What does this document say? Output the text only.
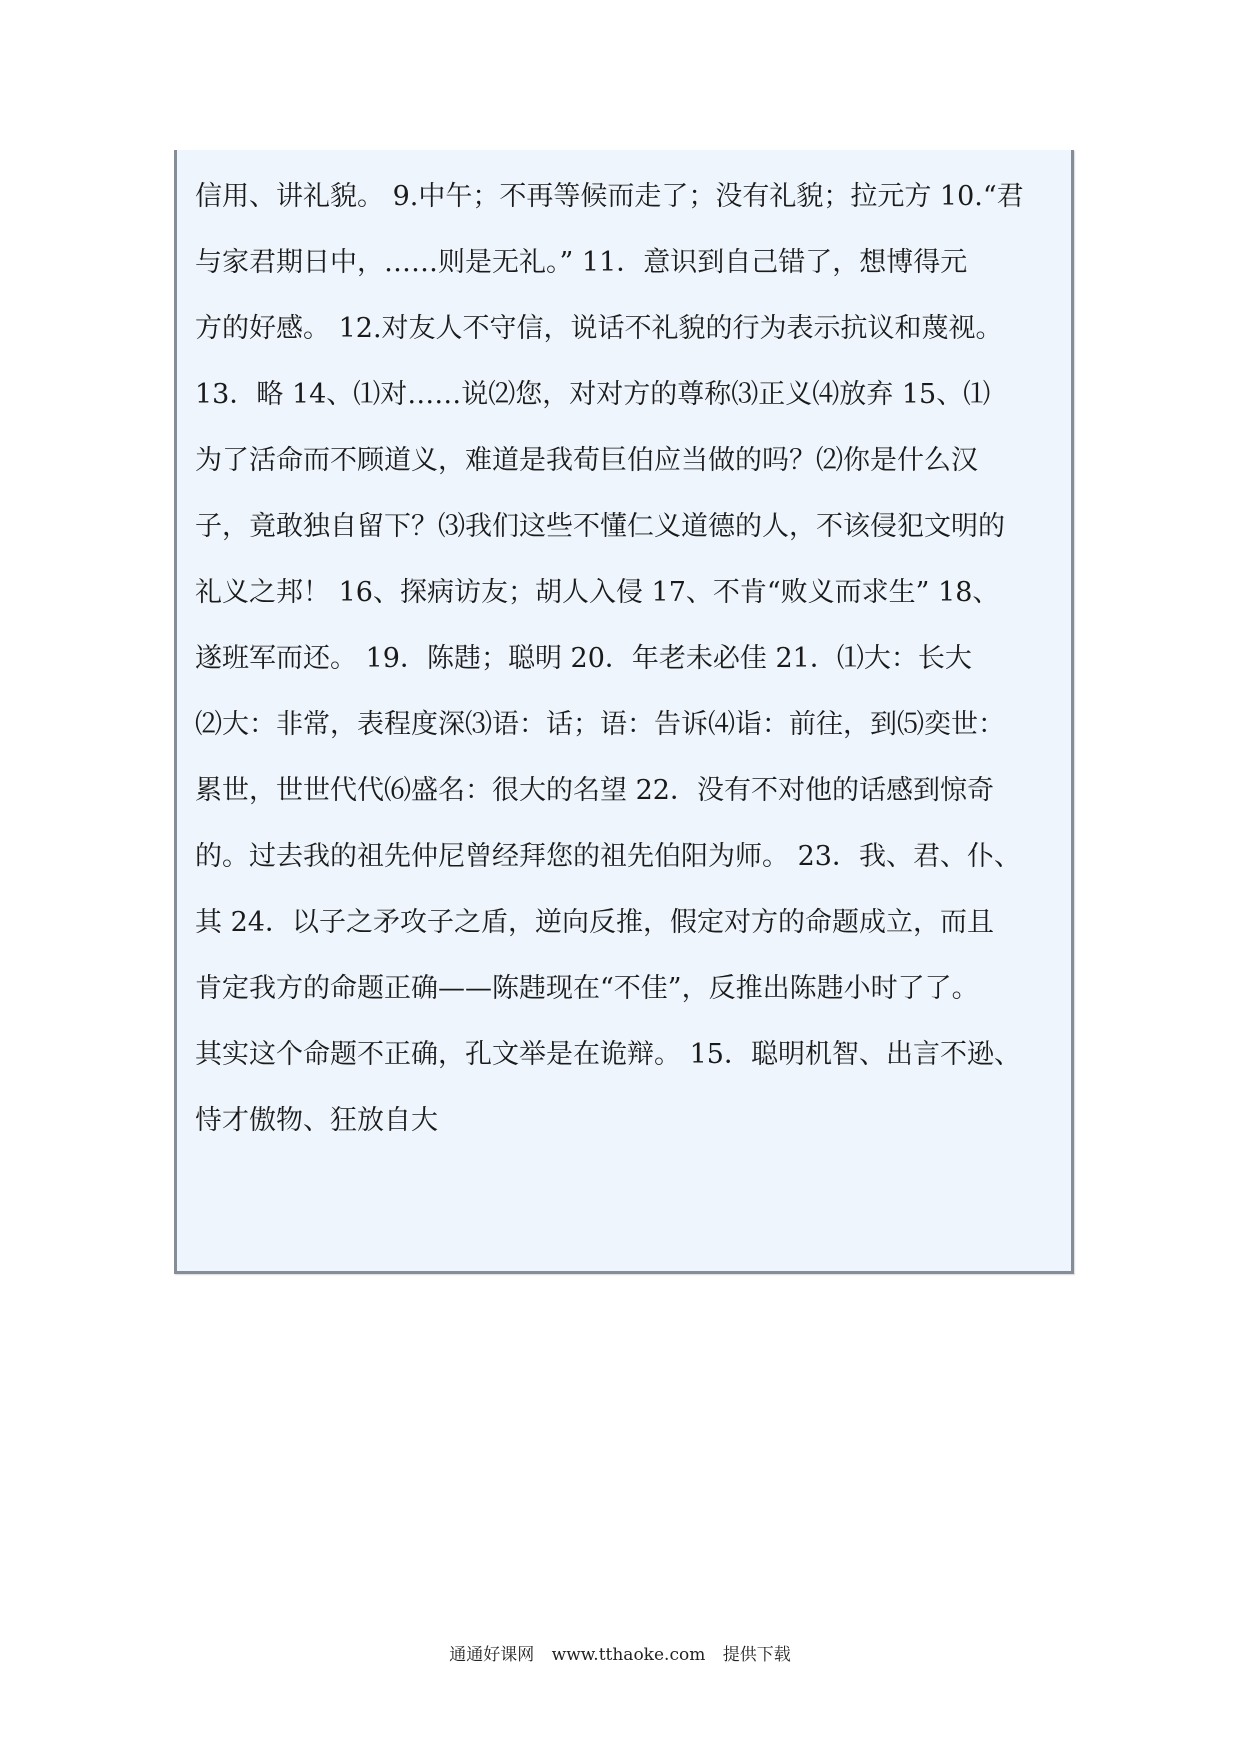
信用、讲礼貌。 9.中午；不再等候而走了；没有礼貌；拉元方 10.“君
与家君期日中，……则是无礼。” 11．意识到自己错了，想博得元
方的好感。 12.对友人不守信，说话不礼貌的行为表示抗议和蔑视。
13．略 14、⑴对……说⑵您，对对方的尊称⑶正义⑷放弃 15、⑴
为了活命而不顾道义，难道是我荀巨伯应当做的吗？⑵你是什么汉
子，竟敢独自留下？⑶我们这些不懂仁义道德的人，不该侵犯文明的
礼义之邦！ 16、探病访友；胡人入侵 17、不肯“败义而求生” 18、
遂班军而还。 19．陈韪；聪明 20．年老未必佳 21．⑴大：长大
⑵大：非常，表程度深⑶语：话；语：告诉⑷诣：前往，到⑸奕世：
累世，世世代代⑹盛名：很大的名望 22．没有不对他的话感到惊奇
的。过去我的祖先仲尼曾经拜您的祖先伯阳为师。 23．我、君、仆、
其 24．以子之矛攻子之盾，逆向反推，假定对方的命题成立，而且
肯定我方的命题正确——陈韪现在“不佳”，反推出陈韪小时了了。
其实这个命题不正确，孔文举是在诡辩。 15．聪明机智、出言不逊、
恃才傲物、狂放自大
通通好课网 www.tthaoke.com 提供下载
